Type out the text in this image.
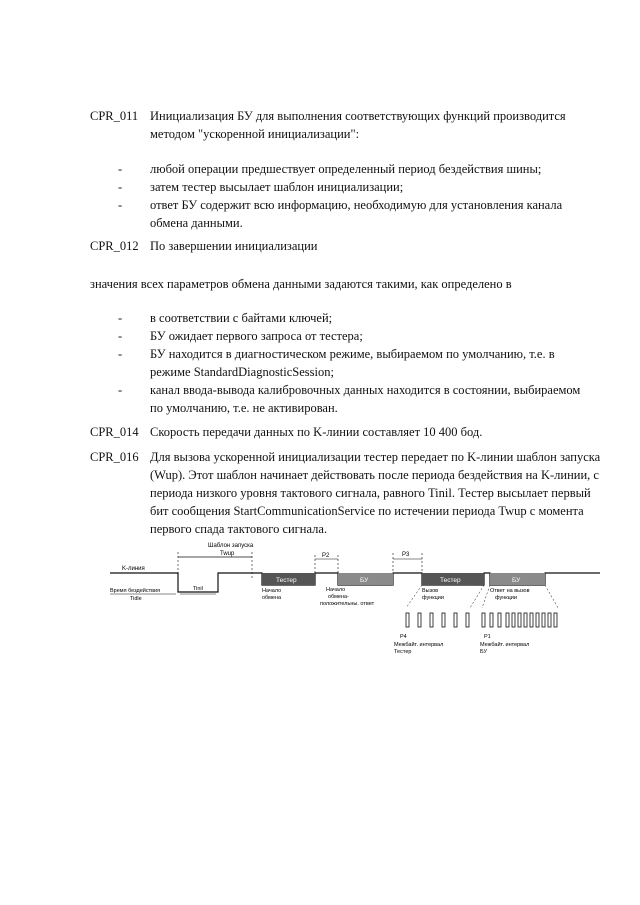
CPR_011 Инициализация БУ для выполнения соответствующих функций производится методом "ускоренной инициализации":
- любой операции предшествует определенный период бездействия шины;
- затем тестер высылает шаблон инициализации;
- ответ БУ содержит всю информацию, необходимую для установления канала обмена данными.
CPR_012 По завершении инициализации
значения всех параметров обмена данными задаются такими, как определено в
- в соответствии с байтами ключей;
- БУ ожидает первого запроса от тестера;
- БУ находится в диагностическом режиме, выбираемом по умолчанию, т.е. в режиме StandardDiagnosticSession;
- канал ввода-вывода калибровочных данных находится в состоянии, выбираемом по умолчанию, т.е. не активирован.
CPR_014 Скорость передачи данных по K-линии составляет 10 400 бод.
CPR_016 Для вызова ускоренной инициализации тестер передает по K-линии шаблон запуска (Wup). Этот шаблон начинает действовать после периода бездействия на K-линии, с периода низкого уровня тактового сигнала, равного Tinil. Тестер высылает первый бит сообщения StartCommunicationService по истечении периода Twup с момента первого спада тактового сигнала.
Шаблон запуска
Twup
K-линия
P2	P3
Тестер	БУ	Тестер	БУ
Время бездействия
Tidle
Tinil	Начало
обмена
Начало
обмена-
положительны. ответ
Вызов
функции
Ответ на вызов
функции
P4
Межбайт. интервал
Тестер
P1
Межбайт. интервал
БУ
